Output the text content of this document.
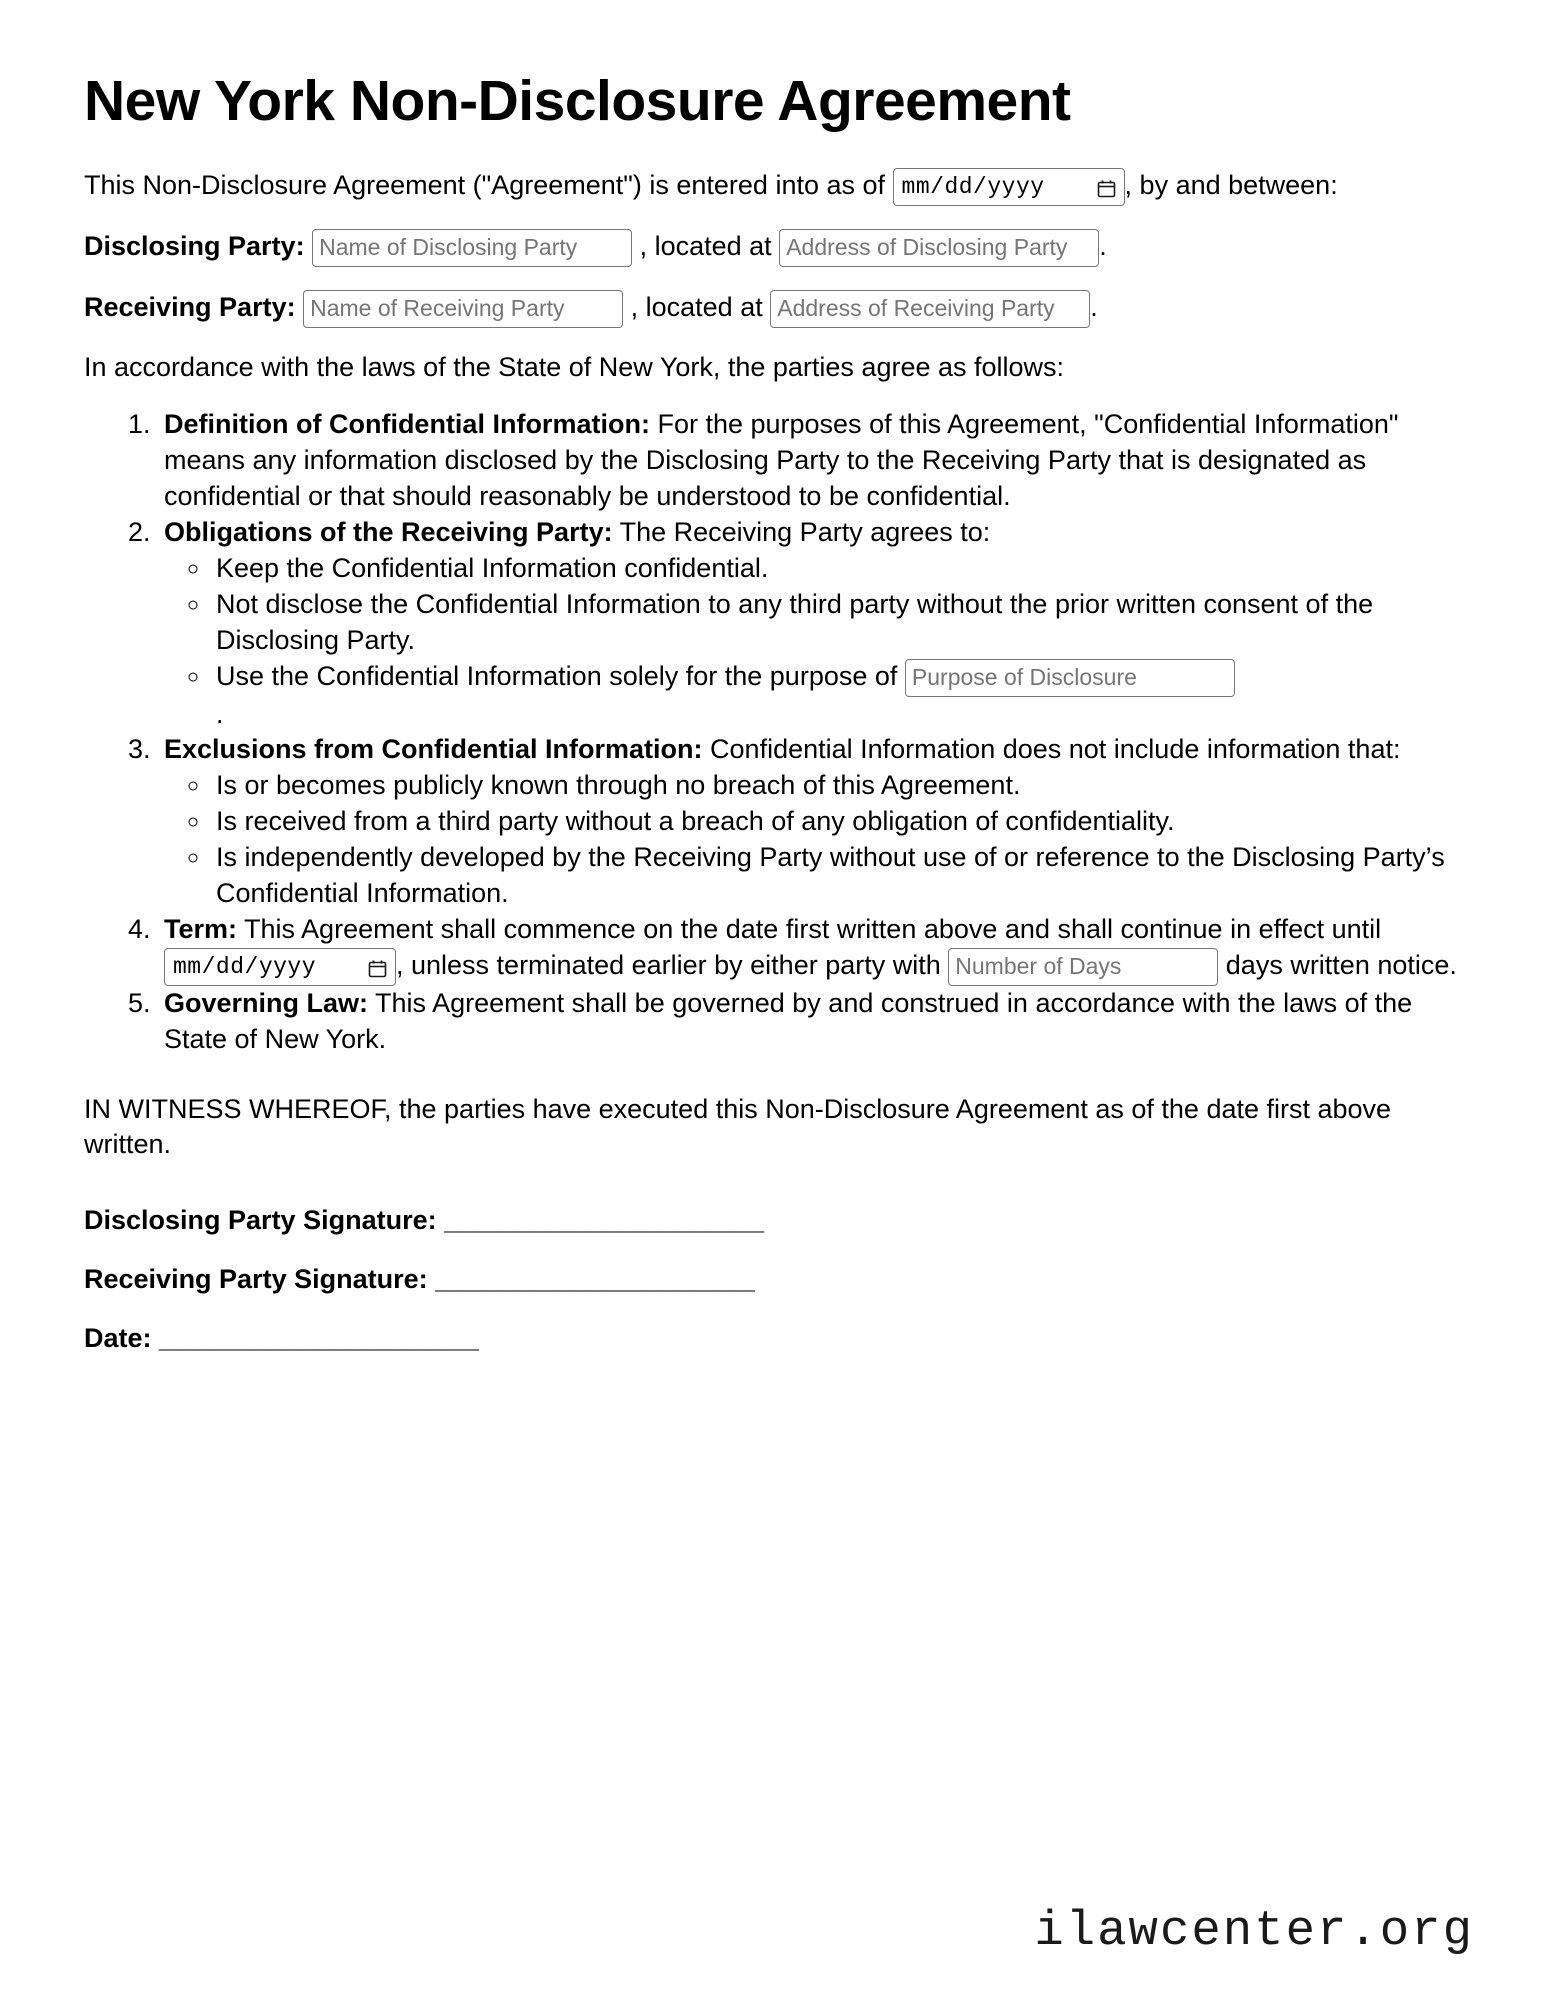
New York Non-Disclosure Agreement

This Non-Disclosure Agreement ("Agreement") is entered into as of mm/dd/yyyy	, by and between:

Disclosing Party: Name of Disclosing Party	, located at Address of Disclosing Party	.
Receiving Party: Name of Receiving Party	, located at Address of Receiving Party	.

In accordance with the laws of the State of New York, the parties agree as follows:

1. Definition of Confidential Information: For the purposes of this Agreement, "Confidential Information" means any information disclosed by the Disclosing Party to the Receiving Party that is designated as confidential or that should reasonably be understood to be confidential.
2. Obligations of the Receiving Party: The Receiving Party agrees to:
◦ Keep the Confidential Information confidential.
◦ Not disclose the Confidential Information to any third party without the prior written consent of the Disclosing Party.
◦ Use the Confidential Information solely for the purpose of Purpose of Disclosure
.
3. Exclusions from Confidential Information: Confidential Information does not include information that:
◦ Is or becomes publicly known through no breach of this Agreement.
◦ Is received from a third party without a breach of any obligation of confidentiality.
◦ Is independently developed by the Receiving Party without use of or reference to the Disclosing Party’s Confidential Information.
4. Term: This Agreement shall commence on the date first written above and shall continue in effect until
mm/dd/yyyy	, unless terminated earlier by either party with Number of Days	days written notice.
5. Governing Law: This Agreement shall be governed by and construed in accordance with the laws of the State of New York.

IN WITNESS WHEREOF, the parties have executed this Non-Disclosure Agreement as of the date first above written.

Disclosing Party Signature: ______________________
Receiving Party Signature: ______________________
Date: ______________________
ilawcenter.org
